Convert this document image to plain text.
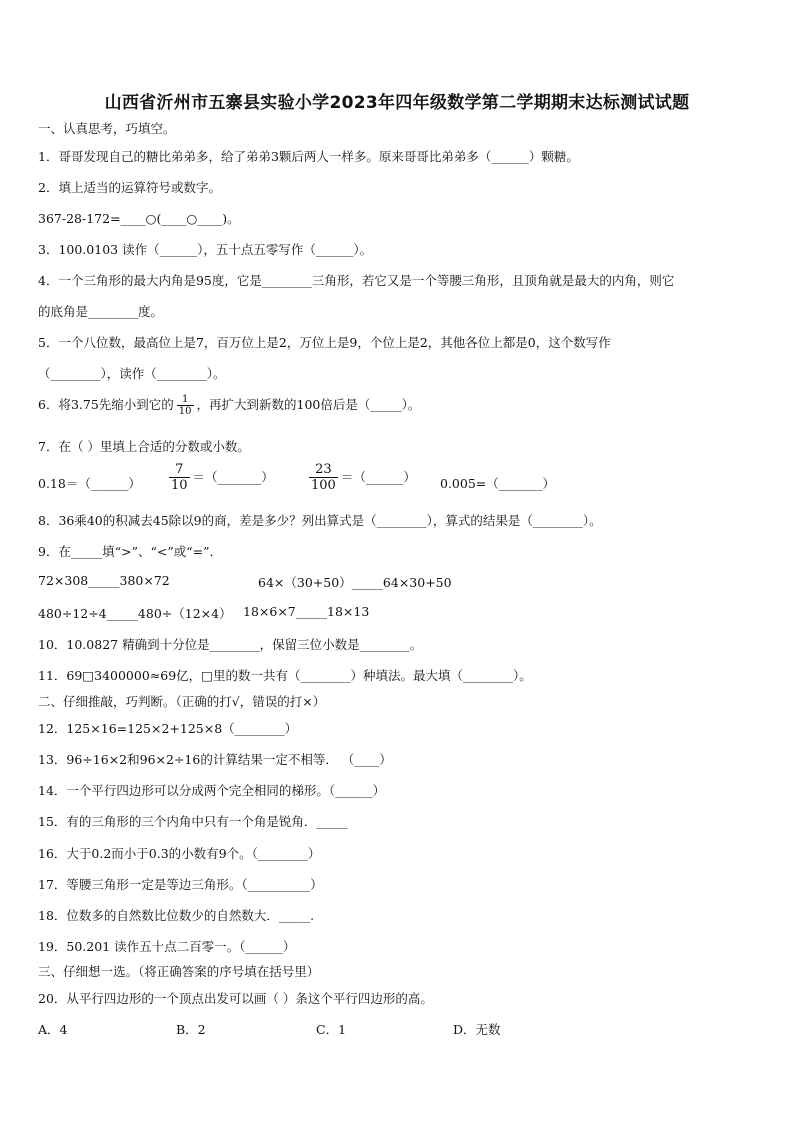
山西省沂州市五寨县实验小学2023年四年级数学第二学期期末达标测试试题
一、认真思考，巧填空。
1．哥哥发现自己的糖比弟弟多，给了弟弟3颗后两人一样多。原来哥哥比弟弟多（______）颗糖。
2．填上适当的运算符号或数字。
367-28-172=____○(____○____)。
3．100.0103 读作（______），五十点五零写作（______）。
4．一个三角形的最大内角是95度，它是________三角形，若它又是一个等腰三角形，且顶角就是最大的内角，则它
的底角是________度。
5．一个八位数，最高位上是7，百万位上是2，万位上是9，个位上是2，其他各位上都是0，这个数写作
（________），读作（________）。
6．将3.75先缩小到它的 $\frac{1}{10}$ ，再扩大到新数的100倍后是（_____）。
7．在（ ）里填上合适的分数或小数。
0.18＝（______） $\frac{7}{10}$ ＝（_______）	$\frac{23}{100}$ ＝（______） 0.005=（_______）
8．36乘40的积减去45除以9的商，差是多少？列出算式是（________），算式的结果是（________）。
9．在_____填“>”、“<”或“=”．
72×308_____380×72	64×（30+50）_____64×30+50
480÷12÷4_____480÷（12×4） 18×6×7_____18×13
10．10.0827 精确到十分位是________，保留三位小数是________。
11．69□3400000≈69亿，□里的数一共有（________）种填法。最大填（________）。
二、仔细推敲，巧判断。（正确的打√，错误的打×）
12．125×16=125×2+125×8（________）
13．96÷16×2和96×2÷16的计算结果一定不相等． （____）
14．一个平行四边形可以分成两个完全相同的梯形。（______）
15．有的三角形的三个内角中只有一个角是锐角．_____
16．大于0.2而小于0.3的小数有9个。（________）
17．等腰三角形一定是等边三角形。（__________）
18．位数多的自然数比位数少的自然数大．_____.
19．50.201 读作五十点二百零一。（______）
三、仔细想一选。（将正确答案的序号填在括号里）
20．从平行四边形的一个顶点出发可以画（ ）条这个平行四边形的高。
A．4	B．2	C．1	D．无数
